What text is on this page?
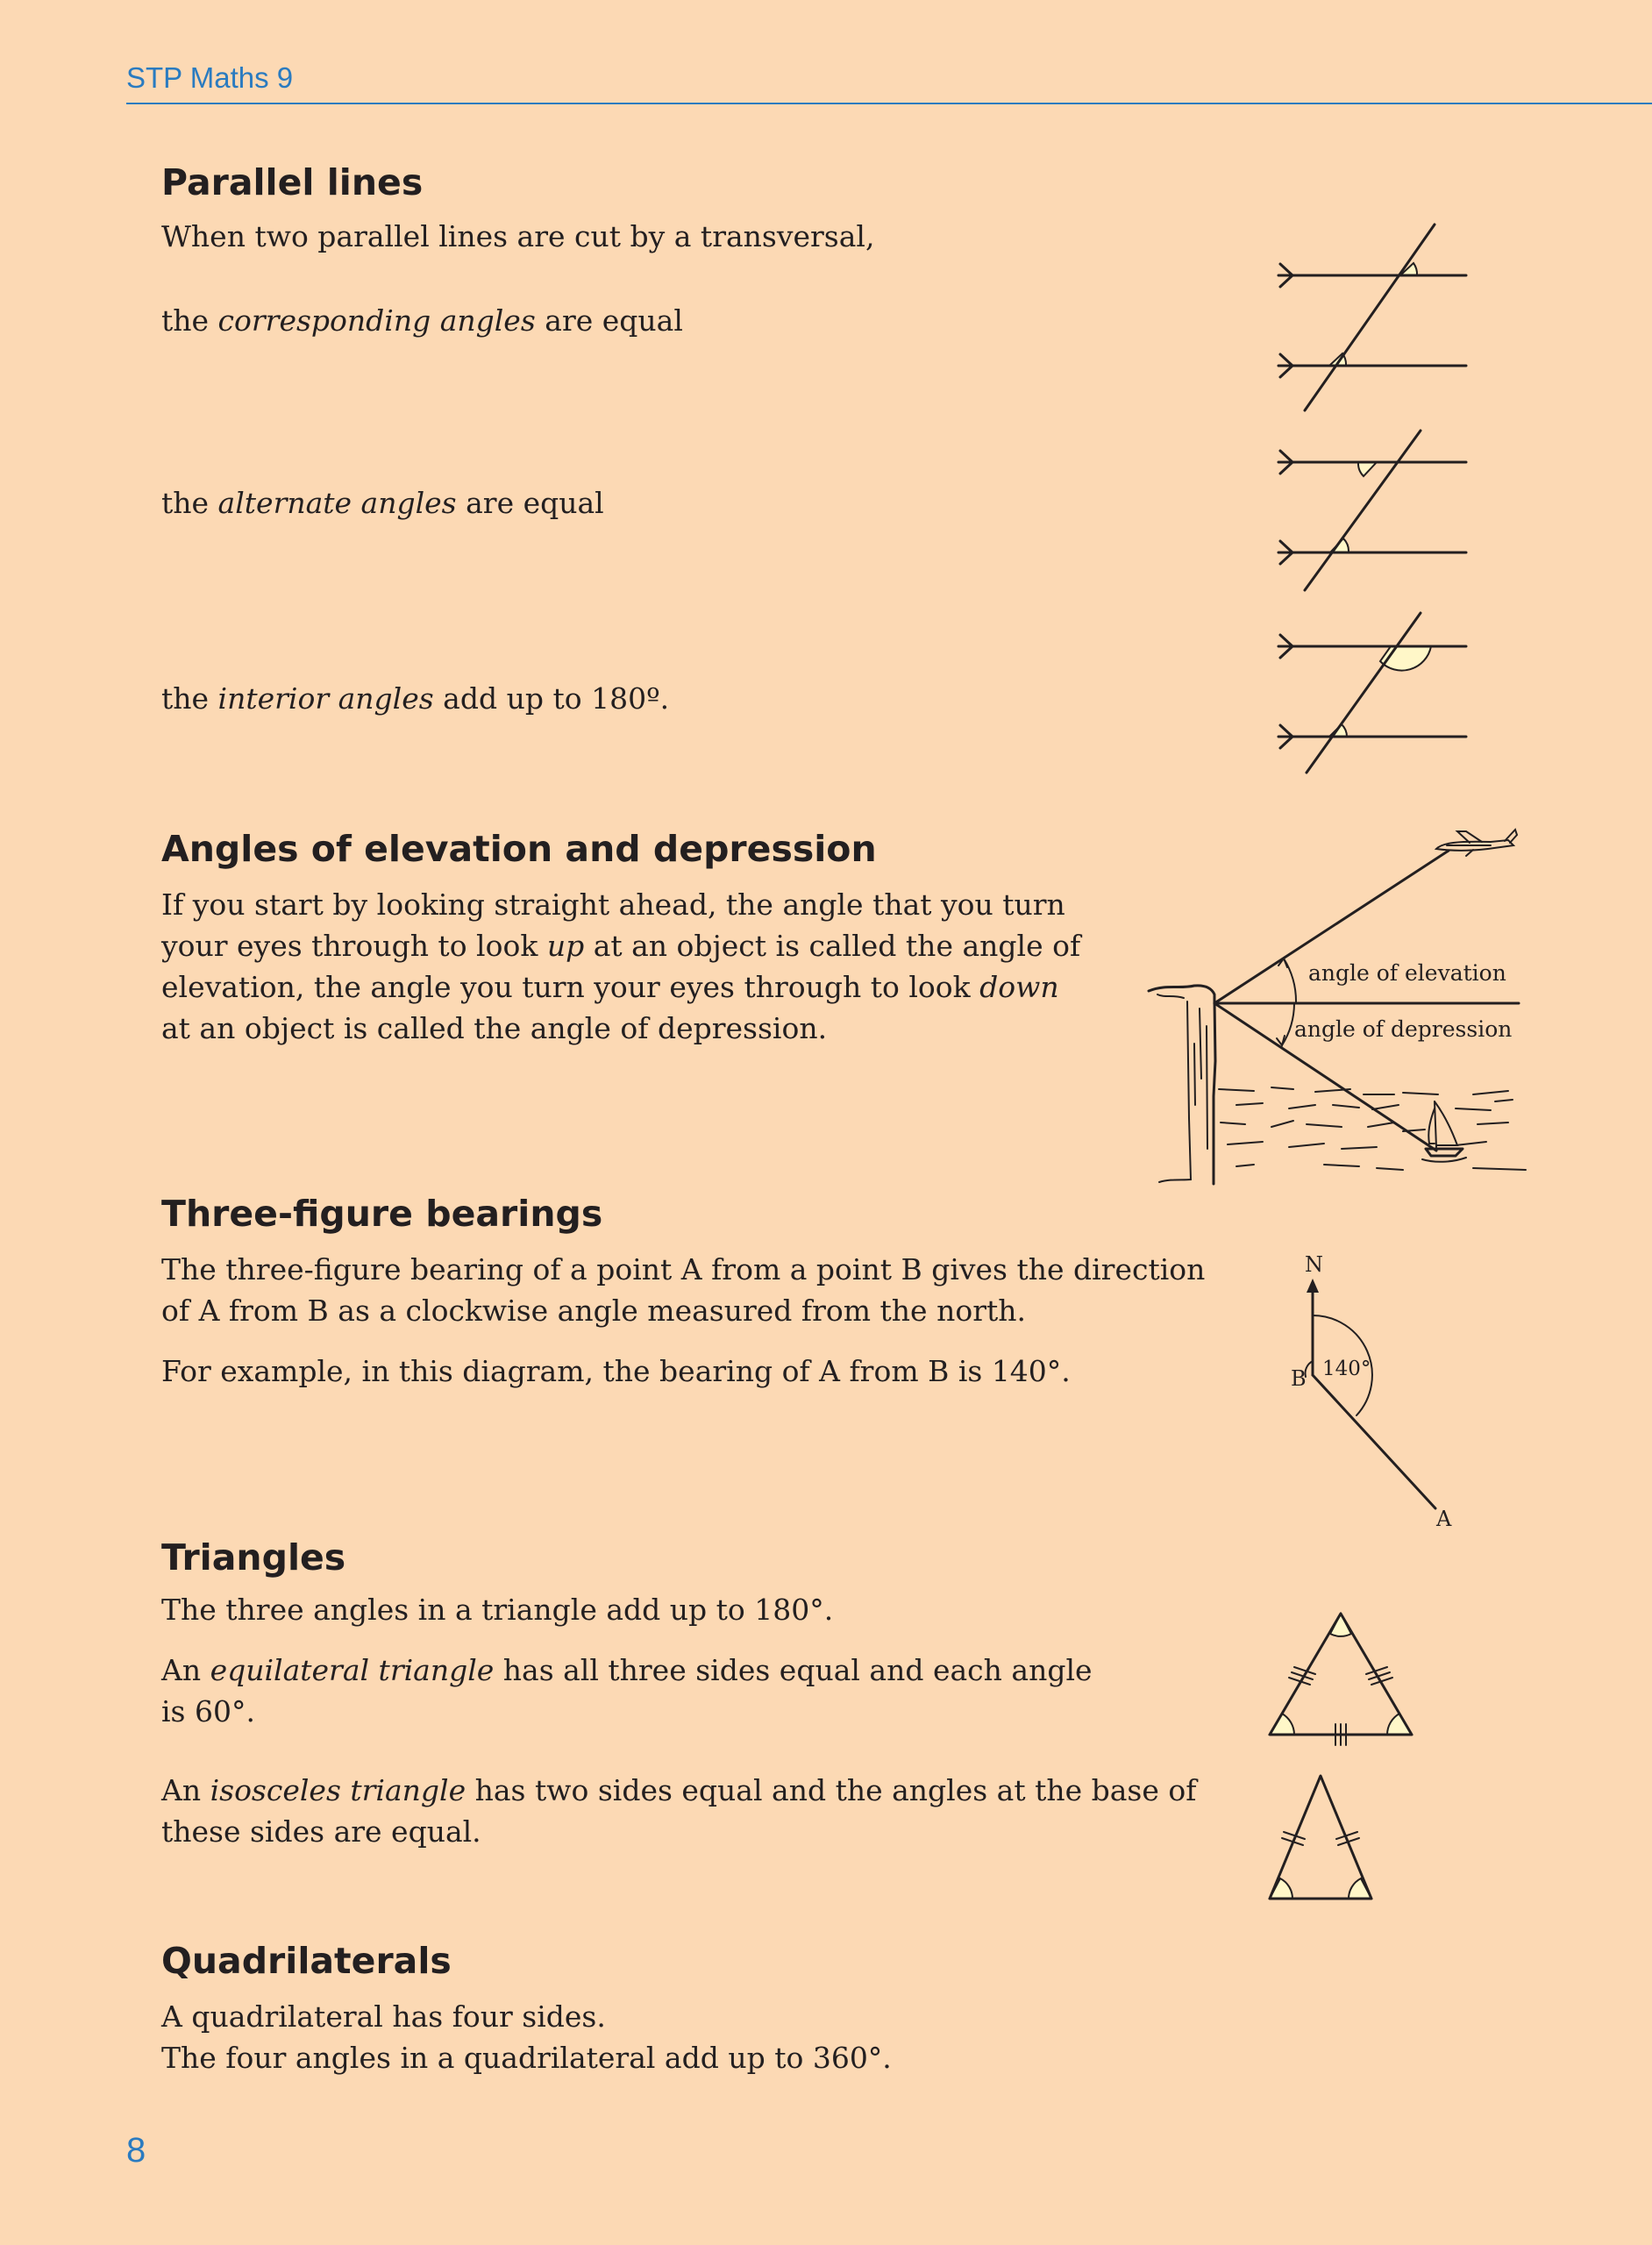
STP Maths 9
Parallel lines

When two parallel lines are cut by a transversal,

the corresponding angles are equal

the alternate angles are equal

the interior angles add up to 180º.

Angles of elevation and depression

If you start by looking straight ahead, the angle that you turn

your eyes through to look up at an object is called the angle of

elevation, the angle you turn your eyes through to look down

at an object is called the angle of depression.

angle of elevation
angle of depression
Three-figure bearings

The three-figure bearing of a point A from a point B gives the direction

of A from B as a clockwise angle measured from the north.

For example, in this diagram, the bearing of A from B is 140°.

N
B 140°
A
Triangles

The three angles in a triangle add up to 180°.

An equilateral triangle has all three sides equal and each angle

is 60°.

An isosceles triangle has two sides equal and the angles at the base of

these sides are equal.

Quadrilaterals

A quadrilateral has four sides.

The four angles in a quadrilateral add up to 360°.

8
